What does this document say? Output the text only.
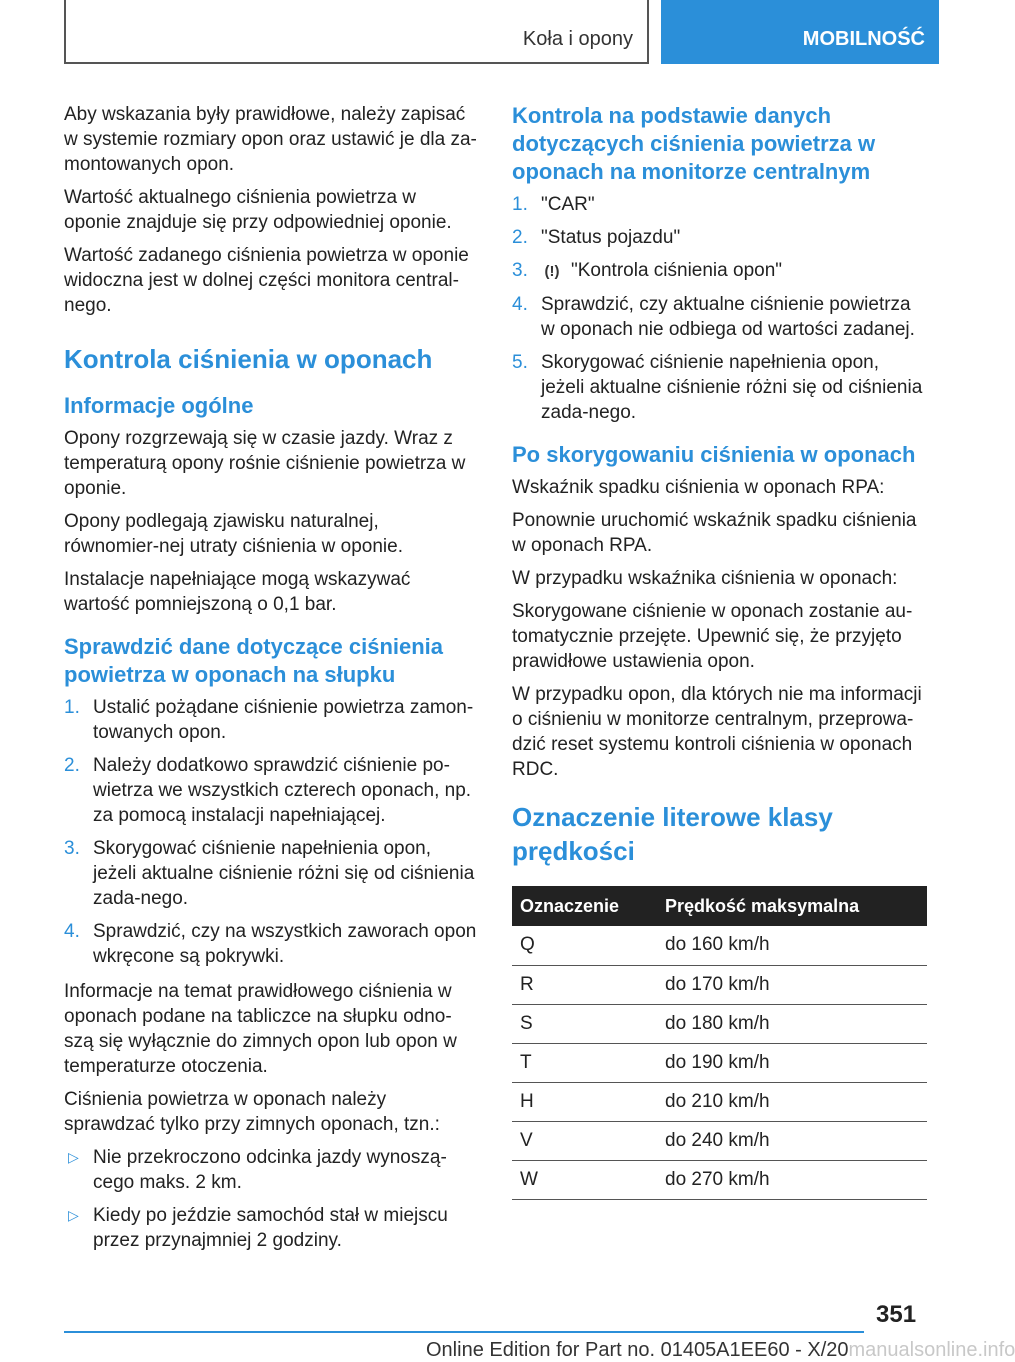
Koła i opony	MOBILNOŚĆ

Aby wskazania były prawidłowe, należy zapisać w systemie rozmiary opon oraz ustawić je dla za-montowanych opon.

Wartość aktualnego ciśnienia powietrza w oponie znajduje się przy odpowiedniej oponie.

Wartość zadanego ciśnienia powietrza w oponie widoczna jest w dolnej części monitora central-nego.

Kontrola ciśnienia w oponach
Informacje ogólne

Opony rozgrzewają się w czasie jazdy. Wraz z temperaturą opony rośnie ciśnienie powietrza w oponie.

Opony podlegają zjawisku naturalnej, równomier-nej utraty ciśnienia w oponie.

Instalacje napełniające mogą wskazywać wartość pomniejszoną o 0,1 bar.

Sprawdzić dane dotyczące ciśnienia powietrza w oponach na słupku
1. Ustalić pożądane ciśnienie powietrza zamon-towanych opon.
2. Należy dodatkowo sprawdzić ciśnienie po-wietrza we wszystkich czterech oponach, np. za pomocą instalacji napełniającej.
3. Skorygować ciśnienie napełnienia opon, jeżeli aktualne ciśnienie różni się od ciśnienia zada-nego.
4. Sprawdzić, czy na wszystkich zaworach opon wkręcone są pokrywki.

Informacje na temat prawidłowego ciśnienia w oponach podane na tabliczce na słupku odno-szą się wyłącznie do zimnych opon lub opon w temperaturze otoczenia.

Ciśnienia powietrza w oponach należy sprawdzać tylko przy zimnych oponach, tzn.:

▷ Nie przekroczono odcinka jazdy wynoszą-cego maks. 2 km.
▷ Kiedy po jeździe samochód stał w miejscu przez przynajmniej 2 godziny.
Kontrola na podstawie danych dotyczących ciśnienia powietrza w oponach na monitorze centralnym
1. "CAR"
2. "Status pojazdu"
3. (!) "Kontrola ciśnienia opon"
4. Sprawdzić, czy aktualne ciśnienie powietrza w oponach nie odbiega od wartości zadanej.
5. Skorygować ciśnienie napełnienia opon, jeżeli aktualne ciśnienie różni się od ciśnienia zada-nego.
Po skorygowaniu ciśnienia w oponach

Wskaźnik spadku ciśnienia w oponach RPA:

Ponownie uruchomić wskaźnik spadku ciśnienia w oponach RPA.

W przypadku wskaźnika ciśnienia w oponach:

Skorygowane ciśnienie w oponach zostanie au-tomatycznie przejęte. Upewnić się, że przyjęto prawidłowe ustawienia opon.

W przypadku opon, dla których nie ma informacji o ciśnieniu w monitorze centralnym, przeprowa-dzić reset systemu kontroli ciśnienia w oponach RDC.

Oznaczenie literowe klasy prędkości
Oznaczenie	Prędkość maksymalna
Q	do 160 km/h
R	do 170 km/h
S	do 180 km/h
T	do 190 km/h
H	do 210 km/h
V	do 240 km/h
W	do 270 km/h
351
Online Edition for Part no. 01405A1EE60 - X/20manualsonline.info
